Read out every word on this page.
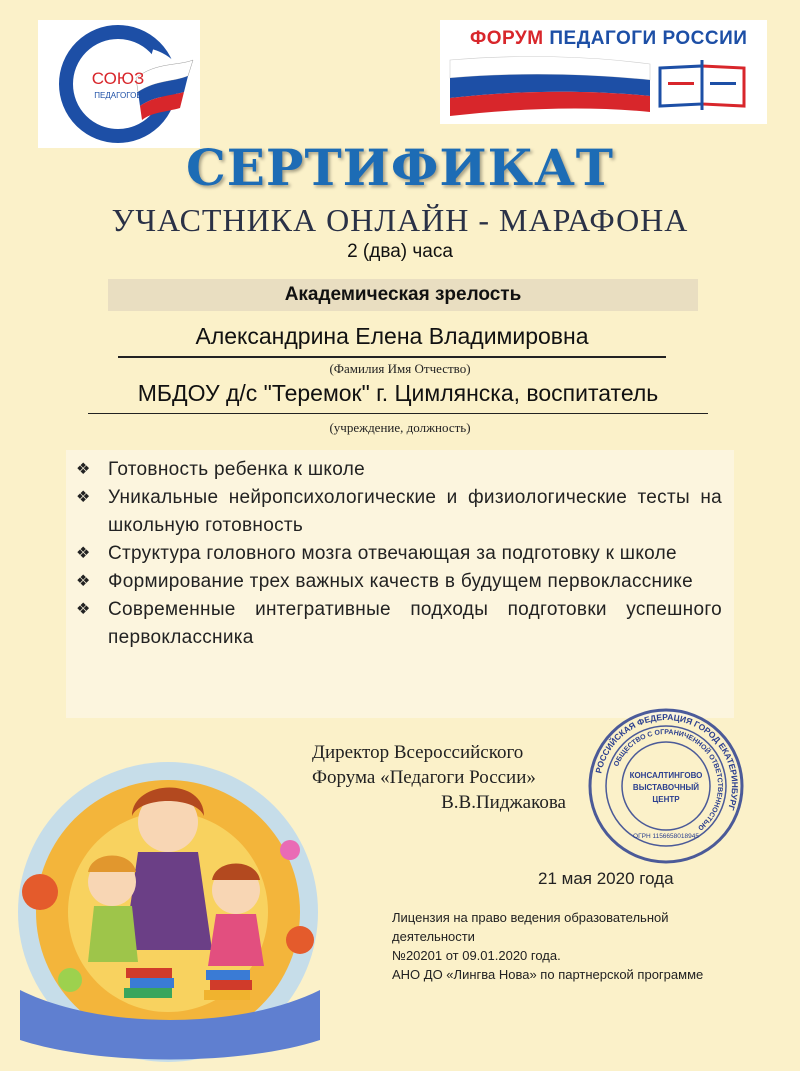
СОЮЗ
ПЕДАГОГОВ
ФОРУМ ПЕДАГОГИ РОССИИ
СЕРТИФИКАТ
УЧАСТНИКА ОНЛАЙН - МАРАФОНА
2 (два) часа
Академическая зрелость
Александрина Елена Владимировна
(Фамилия Имя Отчество)
МБДОУ д/с "Теремок" г. Цимлянска, воспитатель
(учреждение, должность)
❖ Готовность ребенка к школе
❖ Уникальные нейропсихологические и физиологические тесты на школьную готовность
❖ Структура головного мозга отвечающая за подготовку к школе
❖ Формирование трех важных качеств в будущем первокласснике
❖ Современные интегративные подходы подготовки успешного первоклассника
Директор Всероссийского
Форума «Педагоги России»
В.В.Пиджакова
РОССИЙСКАЯ ФЕДЕРАЦИЯ ГОРОД ЕКАТЕРИНБУРГ
ОБЩЕСТВО С ОГРАНИЧЕННОЙ ОТВЕТСТВЕННОСТЬЮ
КОНСАЛТИНГОВО
ВЫСТАВОЧНЫЙ
ЦЕНТР
ОГРН 1156658018945
21 мая 2020 года
Лицензия на право ведения образовательной
деятельности
№20201 от 09.01.2020 года.
АНО ДО «Лингва Нова» по партнерской программе
